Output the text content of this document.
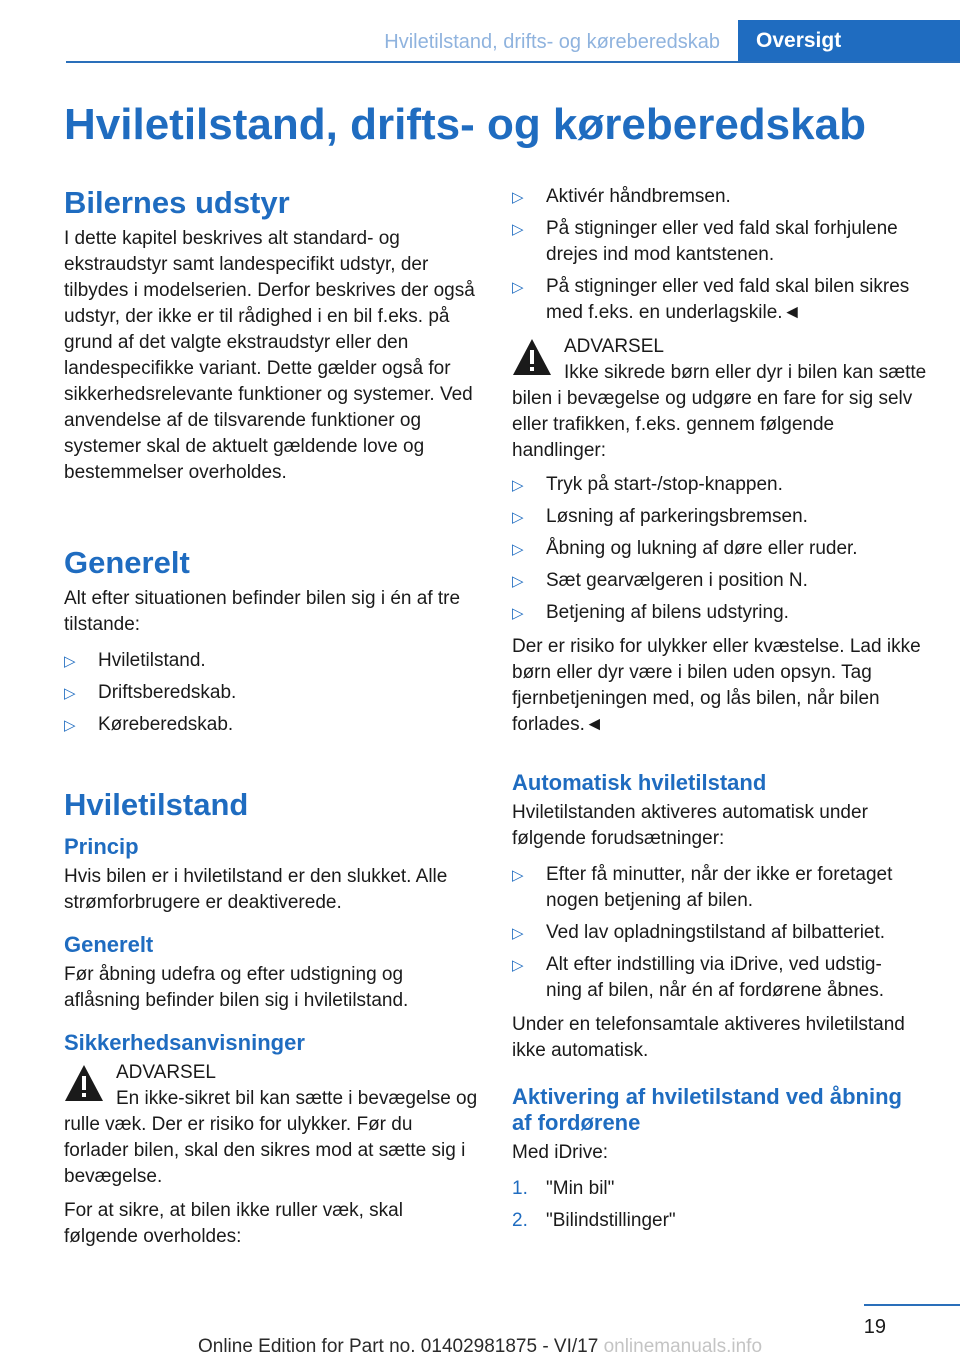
Hviletilstand, drifts- og køreberedskab	Oversigt
Hviletilstand, drifts- og køreberedskab
Bilernes udstyr

I dette kapitel beskrives alt standard- og ekstraudstyr samt landespecifikt udstyr, der tilbydes i modelserien. Derfor beskrives der også udstyr, der ikke er til rådighed i en bil f.eks. på grund af det valgte ekstraudstyr eller den landespecifikke variant. Dette gælder også for sikkerhedsrelevante funktioner og systemer. Ved anvendelse af de tilsvarende funktioner og systemer skal de aktuelt gældende love og bestemmelser overholdes.

Generelt

Alt efter situationen befinder bilen sig i én af tre tilstande:

▷ Hviletilstand.
▷ Driftsberedskab.
▷ Køreberedskab.
Hviletilstand
Princip

Hvis bilen er i hviletilstand er den slukket. Alle strømforbrugere er deaktiverede.

Generelt

Før åbning udefra og efter udstigning og aflåsning befinder bilen sig i hviletilstand.

Sikkerhedsanvisninger
ADVARSEL
En ikke-sikret bil kan sætte i bevægelse og rulle væk. Der er risiko for ulykker. Før du forlader bilen, skal den sikres mod at sætte sig i bevægelse.

For at sikre, at bilen ikke ruller væk, skal følgende overholdes:

▷ Aktivér håndbremsen.
▷ På stigninger eller ved fald skal forhjulene
drejes ind mod kantstenen.
▷ På stigninger eller ved fald skal bilen sikres
med f.eks. en underlagskile.◄
ADVARSEL
Ikke sikrede børn eller dyr i bilen kan sætte bilen i bevægelse og udgøre en fare for sig selv eller trafikken, f.eks. gennem følgende handlinger:
▷ Tryk på start-/stop-knappen.
▷ Løsning af parkeringsbremsen.
▷ Åbning og lukning af døre eller ruder.
▷ Sæt gearvælgeren i position N.
▷ Betjening af bilens udstyring.

Der er risiko for ulykker eller kvæstelse. Lad ikke børn eller dyr være i bilen uden opsyn. Tag fjernbetjeningen med, og lås bilen, når bilen forlades.◄

Automatisk hviletilstand

Hviletilstanden aktiveres automatisk under følgende forudsætninger:

▷ Efter få minutter, når der ikke er foretaget
nogen betjening af bilen.
▷ Ved lav opladningstilstand af bilbatteriet.
▷ Alt efter indstilling via iDrive, ved udstig-
ning af bilen, når én af fordørene åbnes.

Under en telefonsamtale aktiveres hviletilstand ikke automatisk.

Aktivering af hviletilstand ved åbning af fordørene

Med iDrive:

1. "Min bil"
2. "Bilindstillinger"
19
Online Edition for Part no. 01402981875 - VI/17 onlinemanuals.info
